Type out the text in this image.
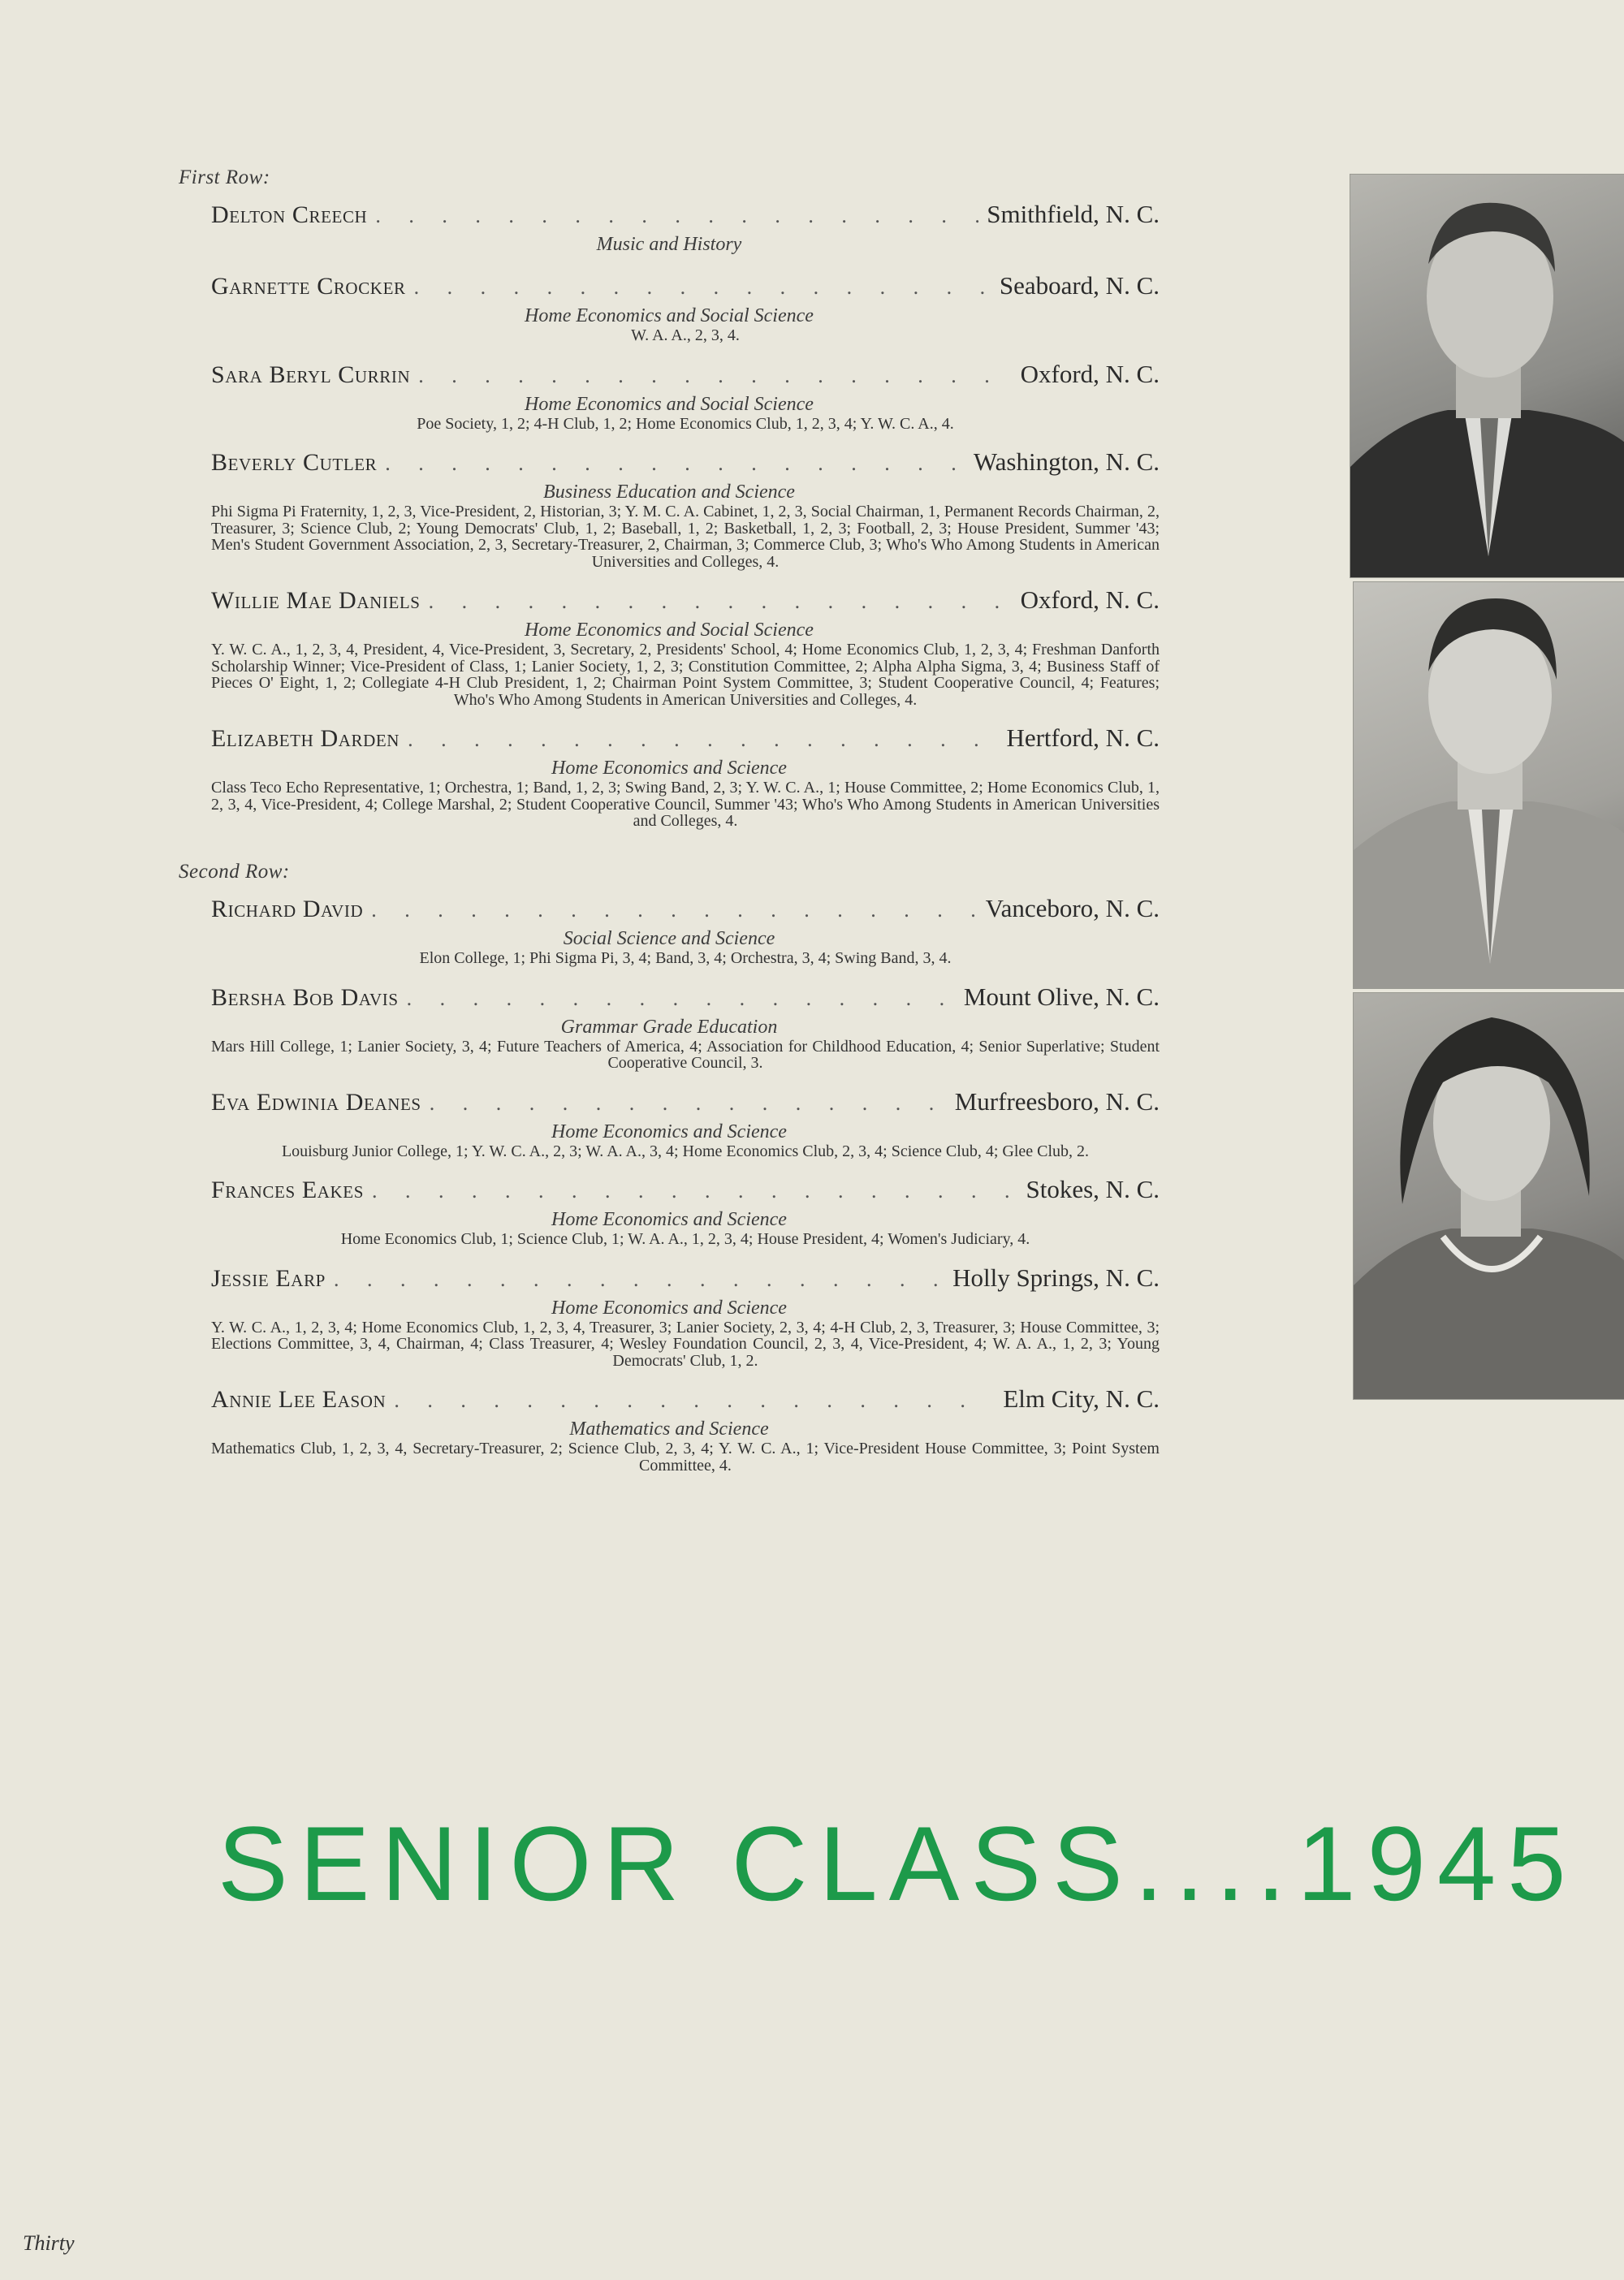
First Row:
Delton Creech . . .	Smithfield, N. C.
Music and History
Garnette Crocker . . .	Seaboard, N. C.
Home Economics and Social Science
W. A. A., 2, 3, 4.
Sara Beryl Currin . . .	Oxford, N. C.
Home Economics and Social Science
Poe Society, 1, 2; 4-H Club, 1, 2; Home Economics Club, 1, 2, 3, 4; Y. W. C. A., 4.
Beverly Cutler . . .	Washington, N. C.
Business Education and Science
Phi Sigma Pi Fraternity, 1, 2, 3, Vice-President, 2, Historian, 3; Y. M. C. A. Cabinet, 1, 2, 3, Social Chairman, 1, Permanent Records Chairman, 2, Treasurer, 3; Science Club, 2; Young Democrats' Club, 1, 2; Baseball, 1, 2; Basketball, 1, 2, 3; Football, 2, 3; House President, Summer '43; Men's Student Government Association, 2, 3, Secretary-Treasurer, 2, Chairman, 3; Commerce Club, 3; Who's Who Among Students in American Universities and Colleges, 4.
Willie Mae Daniels . . .	Oxford, N. C.
Home Economics and Social Science
Y. W. C. A., 1, 2, 3, 4, President, 4, Vice-President, 3, Secretary, 2, Presidents' School, 4; Home Economics Club, 1, 2, 3, 4; Freshman Danforth Scholarship Winner; Vice-President of Class, 1; Lanier Society, 1, 2, 3; Constitution Committee, 2; Alpha Alpha Sigma, 3, 4; Business Staff of Pieces O' Eight, 1, 2; Collegiate 4-H Club President, 1, 2; Chairman Point System Committee, 3; Student Cooperative Council, 4; Features; Who's Who Among Students in American Universities and Colleges, 4.
Elizabeth Darden . . .	Hertford, N. C.
Home Economics and Science
Class Teco Echo Representative, 1; Orchestra, 1; Band, 1, 2, 3; Swing Band, 2, 3; Y. W. C. A., 1; House Committee, 2; Home Economics Club, 1, 2, 3, 4, Vice-President, 4; College Marshal, 2; Student Cooperative Council, Summer '43; Who's Who Among Students in American Universities and Colleges, 4.
Second Row:
Richard David . . .	Vanceboro, N. C.
Social Science and Science
Elon College, 1; Phi Sigma Pi, 3, 4; Band, 3, 4; Orchestra, 3, 4; Swing Band, 3, 4.
Bersha Bob Davis . . .	Mount Olive, N. C.
Grammar Grade Education
Mars Hill College, 1; Lanier Society, 3, 4; Future Teachers of America, 4; Association for Childhood Education, 4; Senior Superlative; Student Cooperative Council, 3.
Eva Edwinia Deanes . . .	Murfreesboro, N. C.
Home Economics and Science
Louisburg Junior College, 1; Y. W. C. A., 2, 3; W. A. A., 3, 4; Home Economics Club, 2, 3, 4; Science Club, 4; Glee Club, 2.
Frances Eakes . . .	Stokes, N. C.
Home Economics and Science
Home Economics Club, 1; Science Club, 1; W. A. A., 1, 2, 3, 4; House President, 4; Women's Judiciary, 4.
Jessie Earp . . .	Holly Springs, N. C.
Home Economics and Science
Y. W. C. A., 1, 2, 3, 4; Home Economics Club, 1, 2, 3, 4, Treasurer, 3; Lanier Society, 2, 3, 4; 4-H Club, 2, 3, Treasurer, 3; House Committee, 3; Elections Committee, 3, 4, Chairman, 4; Class Treasurer, 4; Wesley Foundation Council, 2, 3, 4, Vice-President, 4; W. A. A., 1, 2, 3; Young Democrats' Club, 1, 2.
Annie Lee Eason . . .	Elm City, N. C.
Mathematics and Science
Mathematics Club, 1, 2, 3, 4, Secretary-Treasurer, 2; Science Club, 2, 3, 4; Y. W. C. A., 1; Vice-President House Committee, 3; Point System Committee, 4.
SENIOR CLASS....1945
Thirty
